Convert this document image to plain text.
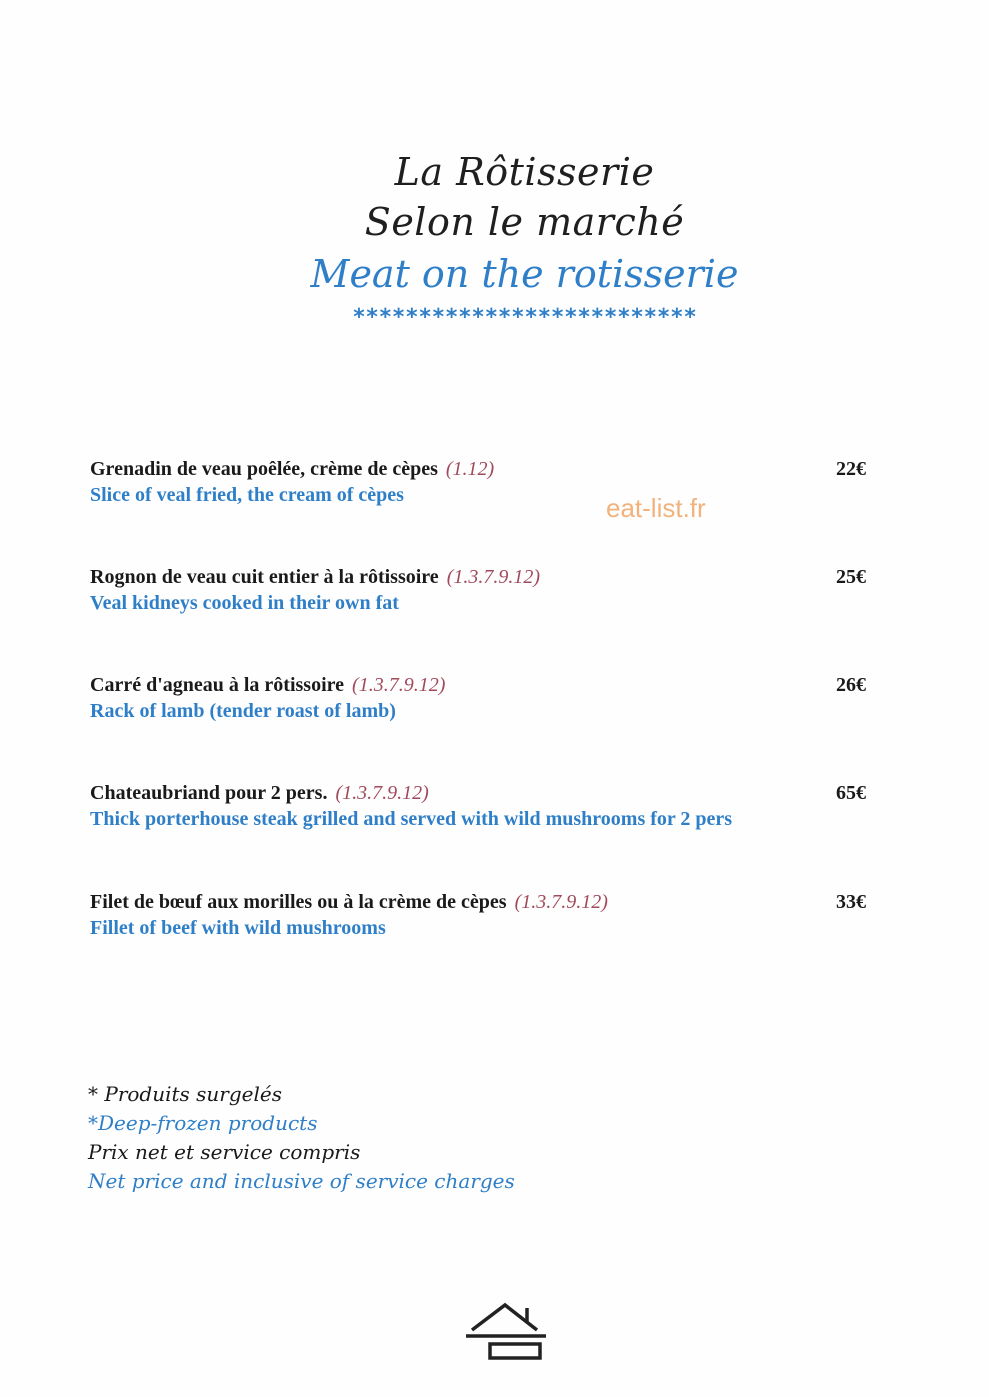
La Rôtisserie
Selon le marché
Meat on the rotisserie
**************************
eat-list.fr
Grenadin de veau poêlée, crème de cèpes (1.12)
Slice of veal fried, the cream of cèpes
22€
Rognon de veau cuit entier à la rôtissoire (1.3.7.9.12)
Veal kidneys cooked in their own fat
25€
Carré d'agneau à la rôtissoire (1.3.7.9.12)
Rack of lamb (tender roast of lamb)
26€
Chateaubriand pour 2 pers. (1.3.7.9.12)
Thick porterhouse steak grilled and served with wild mushrooms for 2 pers
65€
Filet de bœuf aux morilles ou à la crème de cèpes (1.3.7.9.12)
Fillet of beef with wild mushrooms
33€
* Produits surgelés
*Deep-frozen products
Prix net et service compris
Net price and inclusive of service charges
